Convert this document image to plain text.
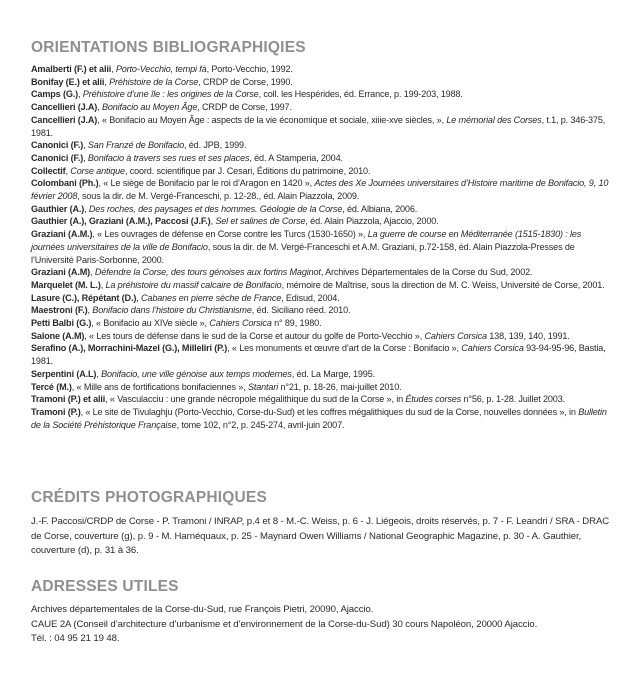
ORIENTATIONS BIBLIOGRAPHIQIES

Amalberti (F.) et alii, Porto-Vecchio, tempi fà, Porto-Vecchio, 1992.

Bonifay (E.) et alii, Préhistoire de la Corse, CRDP de Corse, 1990.

Camps (G.), Préhistoire d’une île : les origines de la Corse, coll. les Hespérides, éd. Errance, p. 199-203, 1988.

Cancellieri (J.A), Bonifacio au Moyen Âge, CRDP de Corse, 1997.

Cancellieri (J.A), « Bonifacio au Moyen Âge : aspects de la vie économique et sociale, xiiie-xve siècles, », Le mémorial des Corses, t.1, p. 346-375, 1981.

Canonici (F.), San Franzé de Bonifacio, éd. JPB, 1999.

Canonici (F.), Bonifacio à travers ses rues et ses places, éd. A Stamperia, 2004.

Collectif, Corse antique, coord. scientifique par J. Cesari, Éditions du patrimoine, 2010.

Colombani (Ph.), « Le siège de Bonifacio par le roi d’Aragon en 1420 », Actes des Xe Journées universitaires d’Histoire maritime de Bonifacio, 9, 10 février 2008, sous la dir. de M. Vergé-Franceschi, p. 12-28., éd. Alain Piazzola, 2009.

Gauthier (A.), Des roches, des paysages et des hommes. Géologie de la Corse, éd. Albiana, 2006.

Gauthier (A.), Graziani (A.M.), Paccosi (J.F.), Sel et salines de Corse, éd. Alain Piazzola, Ajaccio, 2000.

Graziani (A.M.), « Les ouvrages de défense en Corse contre les Turcs (1530-1650) », La guerre de course en Méditerranée (1515-1830) : les journées universitaires de la ville de Bonifacio, sous la dir. de M. Vergé-Franceschi et A.M. Graziani, p.72-158, éd. Alain Piazzola-Presses de l’Université Paris-Sorbonne, 2000.

Graziani (A.M), Défendre la Corse, des tours génoises aux fortins Maginot, Archives Départementales de la Corse du Sud, 2002.

Marquelet (M. L.), La préhistoire du massif calcaire de Bonifacio, mémoire de Maîtrise, sous la direction de M. C. Weiss, Université de Corse, 2001.

Lasure (C.), Répétant (D.), Cabanes en pierre sèche de France, Edisud, 2004.

Maestroni (F.), Bonifacio dans l’histoire du Christianisme, éd. Siciliano réed. 2010.

Petti Balbi (G.), « Bonifacio au XIVe siècle », Cahiers Corsica n° 89, 1980.

Salone (A.M), « Les tours de défense dans le sud de la Corse et autour du golfe de Porto-Vecchio », Cahiers Corsica 138, 139, 140, 1991.

Serafino (A.), Morrachini-Mazel (G.), Milleliri (P.), « Les monuments et œuvre d’art de la Corse : Bonifacio », Cahiers Corsica 93-94-95-96, Bastia, 1981.

Serpentini (A.L), Bonifacio, une ville génoise aux temps modernes, éd. La Marge, 1995.

Tercé (M.), « Mille ans de fortifications bonifaciennes », Stantari n°21, p. 18-26, mai-juillet 2010.

Tramoni (P.) et alii, « Vasculacciu : une grande nécropole mégalithique du sud de la Corse », in Études corses n°56, p. 1-28. Juillet 2003.

Tramoni (P.), « Le site de Tivulaghju (Porto-Vecchio, Corse-du-Sud) et les coffres mégalithiques du sud de la Corse, nouvelles données », in Bulletin de la Société Préhistorique Française, tome 102, n°2, p. 245-274, avril-juin 2007.

CRÉDITS PHOTOGRAPHIQUES

J.-F. Paccosi/CRDP de Corse - P. Tramoni / INRAP, p.4 et 8 - M.-C. Weiss, p. 6 - J. Liégeois, droits réservés, p. 7 - F. Leandri / SRA - DRAC de Corse, couverture (g), p. 9 - M. Harnéquaux, p. 25 - Maynard Owen Williams / National Geographic Magazine, p. 30 - A. Gauthier, couverture (d), p. 31 à 36.

ADRESSES UTILES
Archives départementales de la Corse-du-Sud, rue François Pietri, 20090, Ajaccio.
CAUE 2A (Conseil d’architecture d’urbanisme et d’environnement de la Corse-du-Sud) 30 cours Napoléon, 20000 Ajaccio.
Tél. : 04 95 21 19 48.
